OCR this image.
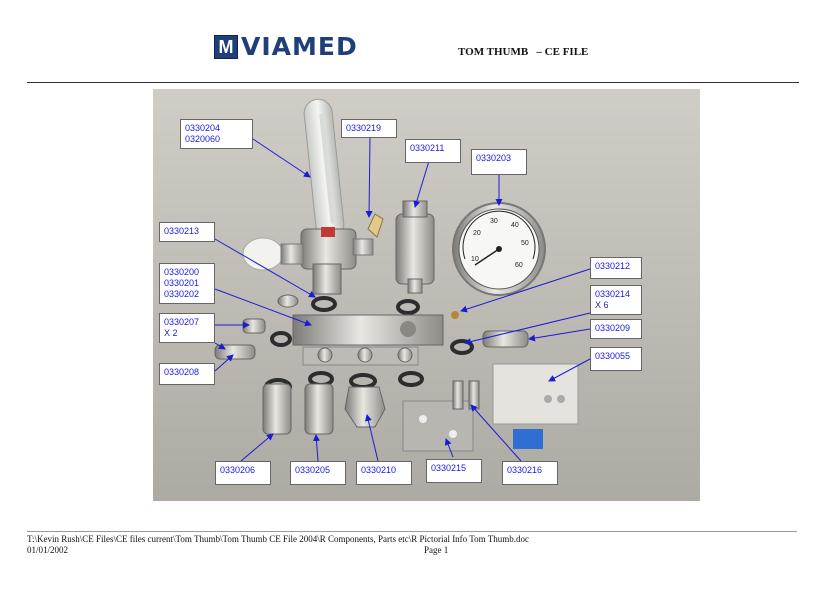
M VIAMED	TOM THUMB   – CE FILE
10
20
30
40
50
60
0330204
0320060
0330219
0330211
0330203
0330213
0330200
0330201
0330202
0330212
0330214
X 6
0330207
X 2	0330209
0330055
0330208
0330206	0330205	0330210	0330215	0330216
T:\Kevin Rush\CE Files\CE files current\Tom Thumb\Tom Thumb CE File 2004\R Components, Parts etc\R Pictorial Info Tom Thumb.doc
01/01/2002	Page 1
